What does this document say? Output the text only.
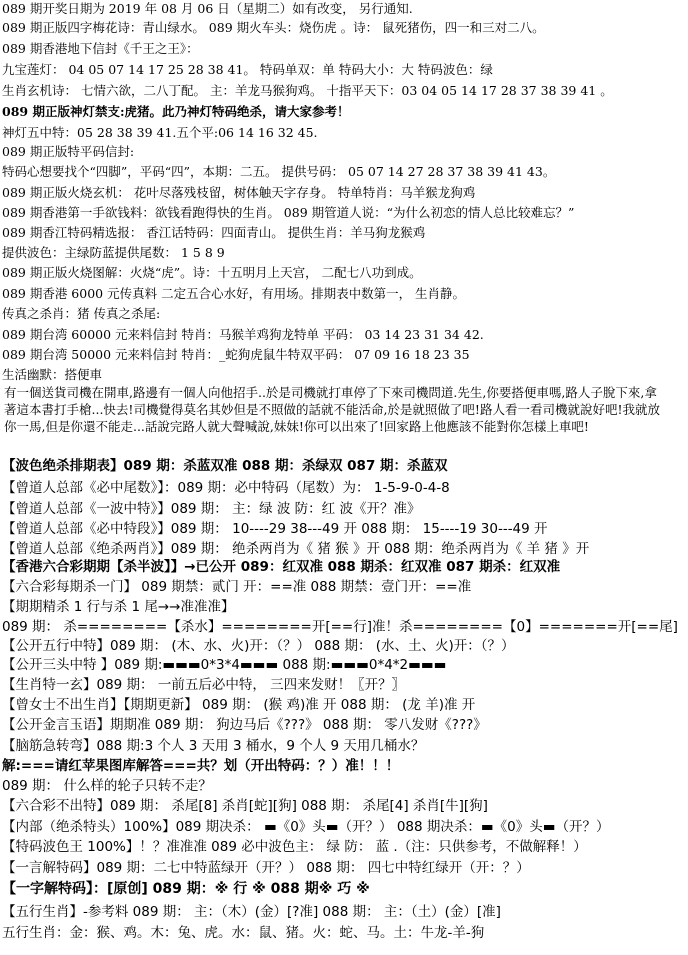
089 期开奖日期为 2019 年 08 月 06 日（星期二）如有改变， 另行通知.
089 期正版四字梅花诗：青山绿水。 089 期火车头：烧伤虎 。诗： 鼠死猪伤，四一和三对二八。
089 期香港地下信封《千王之王》：
九宝莲灯： 04 05 07 14 17 25 28 38 41。 特码单双：单 特码大小：大 特码波色：绿
生肖玄机诗： 七情六欲，二八丁配。 主：羊龙马猴狗鸡。 十指平天下：03 04 05 14 17 28 37 38 39 41 。
089 期正版神灯禁支:虎猪。此乃神灯特码绝杀，请大家参考！
神灯五中特：05 28 38 39 41.五个平:06 14 16 32 45.
089 期正版特平码信封:
特码心想要找个“四脚”，平码“四”，本期：二五。 提供号码： 05 07 14 27 28 37 38 39 41 43。
089 期正版火烧玄机： 花叶尽落残枝留，树体触天字存身。 特单特肖：马羊猴龙狗鸡
089 期香港第一手欲钱料：欲钱看跑得快的生肖。 089 期管道人说：“为什么初恋的情人总比较难忘？”
089 期香江特码精选报： 香江话特码：四面青山。 提供生肖：羊马狗龙猴鸡
提供波色：主绿防蓝提供尾数： 1 5 8 9
089 期正版火烧图解：火烧“虎”。诗：十五明月上天宫， 二配七八功到成。
089 期香港 6000 元传真料 二定五合心水好，有用场。排期表中数第一， 生肖静。
传真之杀肖：猪 传真之杀尾:
089 期台湾 60000 元来料信封 特肖：马猴羊鸡狗龙特单 平码： 03 14 23 31 34 42.
089 期台湾 50000 元来料信封 特肖：_蛇狗虎鼠牛特双平码： 07 09 16 18 23 35
生活幽默：搭便車
有一個送貨司機在開車,路邊有一個人向他招手..於是司機就打車停了下來司機問道.先生,你要搭便車嗎,路人子脫下來,拿著這本書打手槍...快去!司機覺得莫名其妙但是不照做的話就不能活命,於是就照做了吧!路人看一看司機就說好吧!我就放你一馬,但是你還不能走...話說完路人就大聲喊說,妹妹!你可以出來了!回家路上他應該不能對你怎樣上車吧!
【波色绝杀排期表】089 期：杀蓝双准 088 期：杀绿双 087 期：杀蓝双
【曾道人总部《必中尾数》】：089 期：必中特码（尾数）为： 1-5-9-0-4-8
【曾道人总部《一波中特》】089 期： 主：绿 波 防：红 波《开？准》
【曾道人总部《必中特段》】089 期： 10----29 38---49 开 088 期： 15----19 30---49 开
【曾道人总部《绝杀两肖》】089 期： 绝杀两肖为《 猪 猴 》开 088 期：绝杀两肖为《 羊 猪 》开
【香港六合彩期期【杀半波】】→已公开 089：红双准 088 期杀：红双准 087 期杀：红双准
【六合彩每期杀一门】 089 期禁：贰门 开：==准 088 期禁：壹门开：==准
【期期精杀 1 行与杀 1 尾→→准准准】
089 期： 杀========【杀水】========开[==行]准！杀========【0】=======开[==尾]
【公开五行中特】089 期： (木、水、火)开：（？） 088 期： (水、土、火)开：（？）
【公开三头中特 】089 期:▬▬▬0*3*4▬▬▬ 088 期:▬▬▬0*4*2▬▬▬
【生肖特一玄】089 期： 一前五后必中特， 三四来发财！〖开？〗
【曾女士不出生肖】【期期更新】 089 期： (猴 鸡)准 开 088 期： (龙 羊)准 开
【公开金言玉语】期期准 089 期： 狗边马后《???》 088 期： 零八发财《???》
【脑筋急转弯】088 期:3 个人 3 天用 3 桶水，9 个人 9 天用几桶水？
解:===请红苹果图库解答===共？划（开出特码：？）准！！！
089 期： 什么样的轮子只转不走？
【六合彩不出特】089 期： 杀尾[8] 杀肖[蛇][狗] 088 期： 杀尾[4] 杀肖[牛][狗]
【内部（绝杀特头）100%】089 期决杀： ▬《0》头▬（开？） 088 期决杀：▬《0》头▬（开？）
【特码波色王 100%】！？准准准 089 必中波色主： 绿 防： 蓝 .（注：只供参考，不做解释！）
【一言解特码】089 期：二七中特蓝绿开（开？） 088 期： 四七中特红绿开（开：？）
【一字解特码】：[原创] 089 期：※ 行 ※ 088 期※ 巧 ※
【五行生肖】-参考料 089 期： 主：（木）(金）[?准] 088 期： 主：（土）(金）[准]
五行生肖：金：猴、鸡。木：兔、虎。水：鼠、猪。火：蛇、马。土：牛龙-羊-狗
